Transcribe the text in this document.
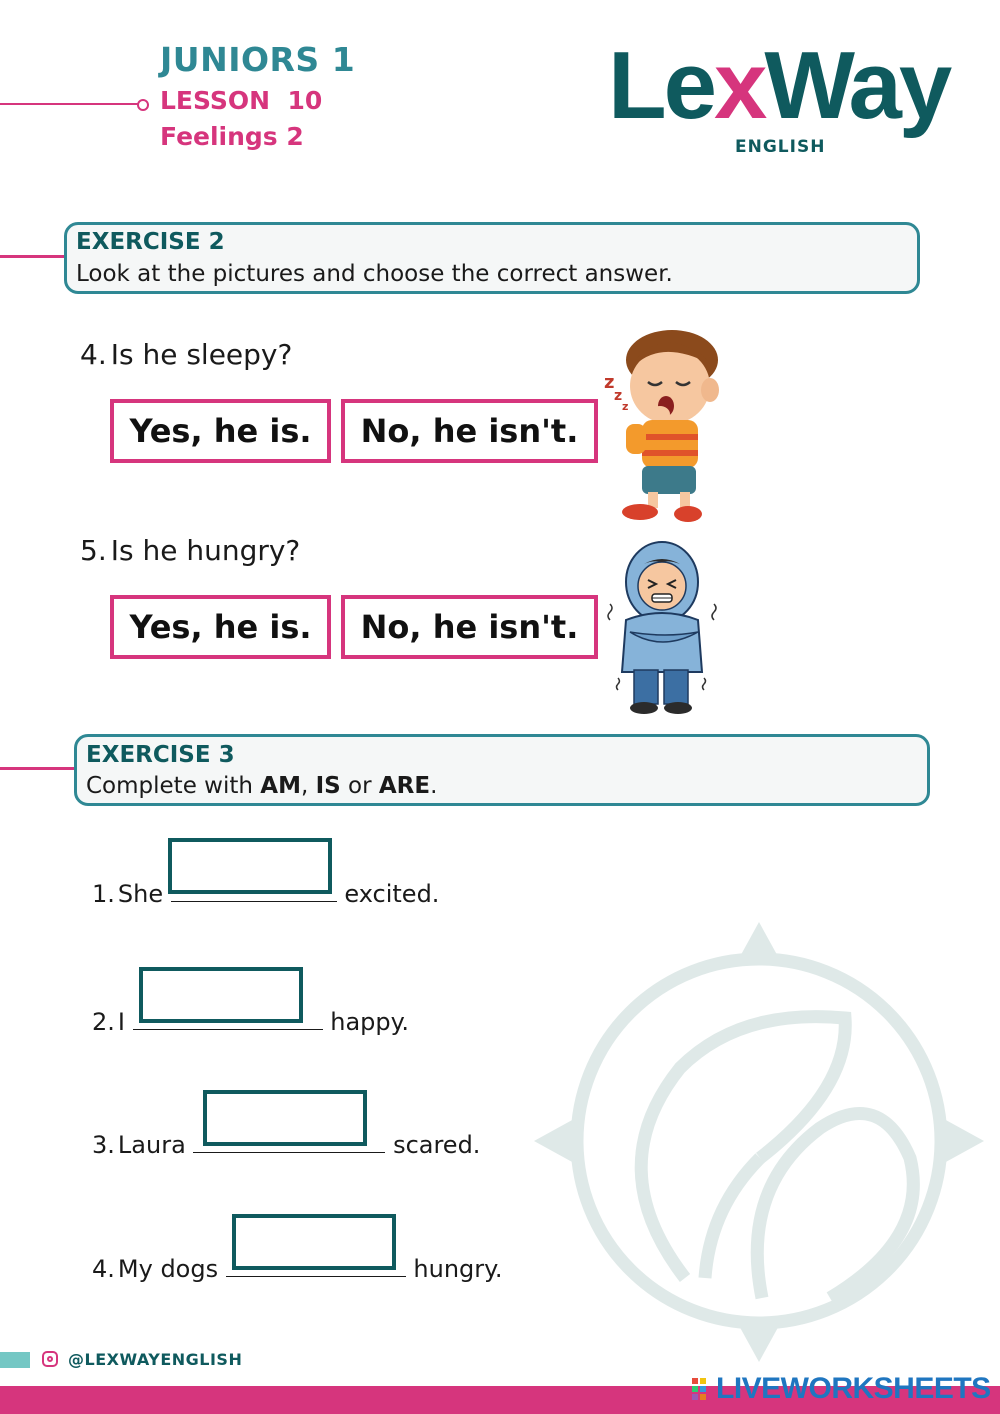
JUNIORS 1
LESSON  10
Feelings 2	LexWay
ENGLISH
EXERCISE 2
Look at the pictures and choose the correct answer.
4. Is he sleepy?
Yes, he is.	No, he isn't.
z
z
z
5. Is he hungry?
Yes, he is.	No, he isn't.
EXERCISE 3
Complete with AM, IS or ARE.
1. She	excited.
2. I	happy.
3. Laura	scared.
4. My dogs	hungry.
@LEXWAYENGLISH
LIVEWORKSHEETS
